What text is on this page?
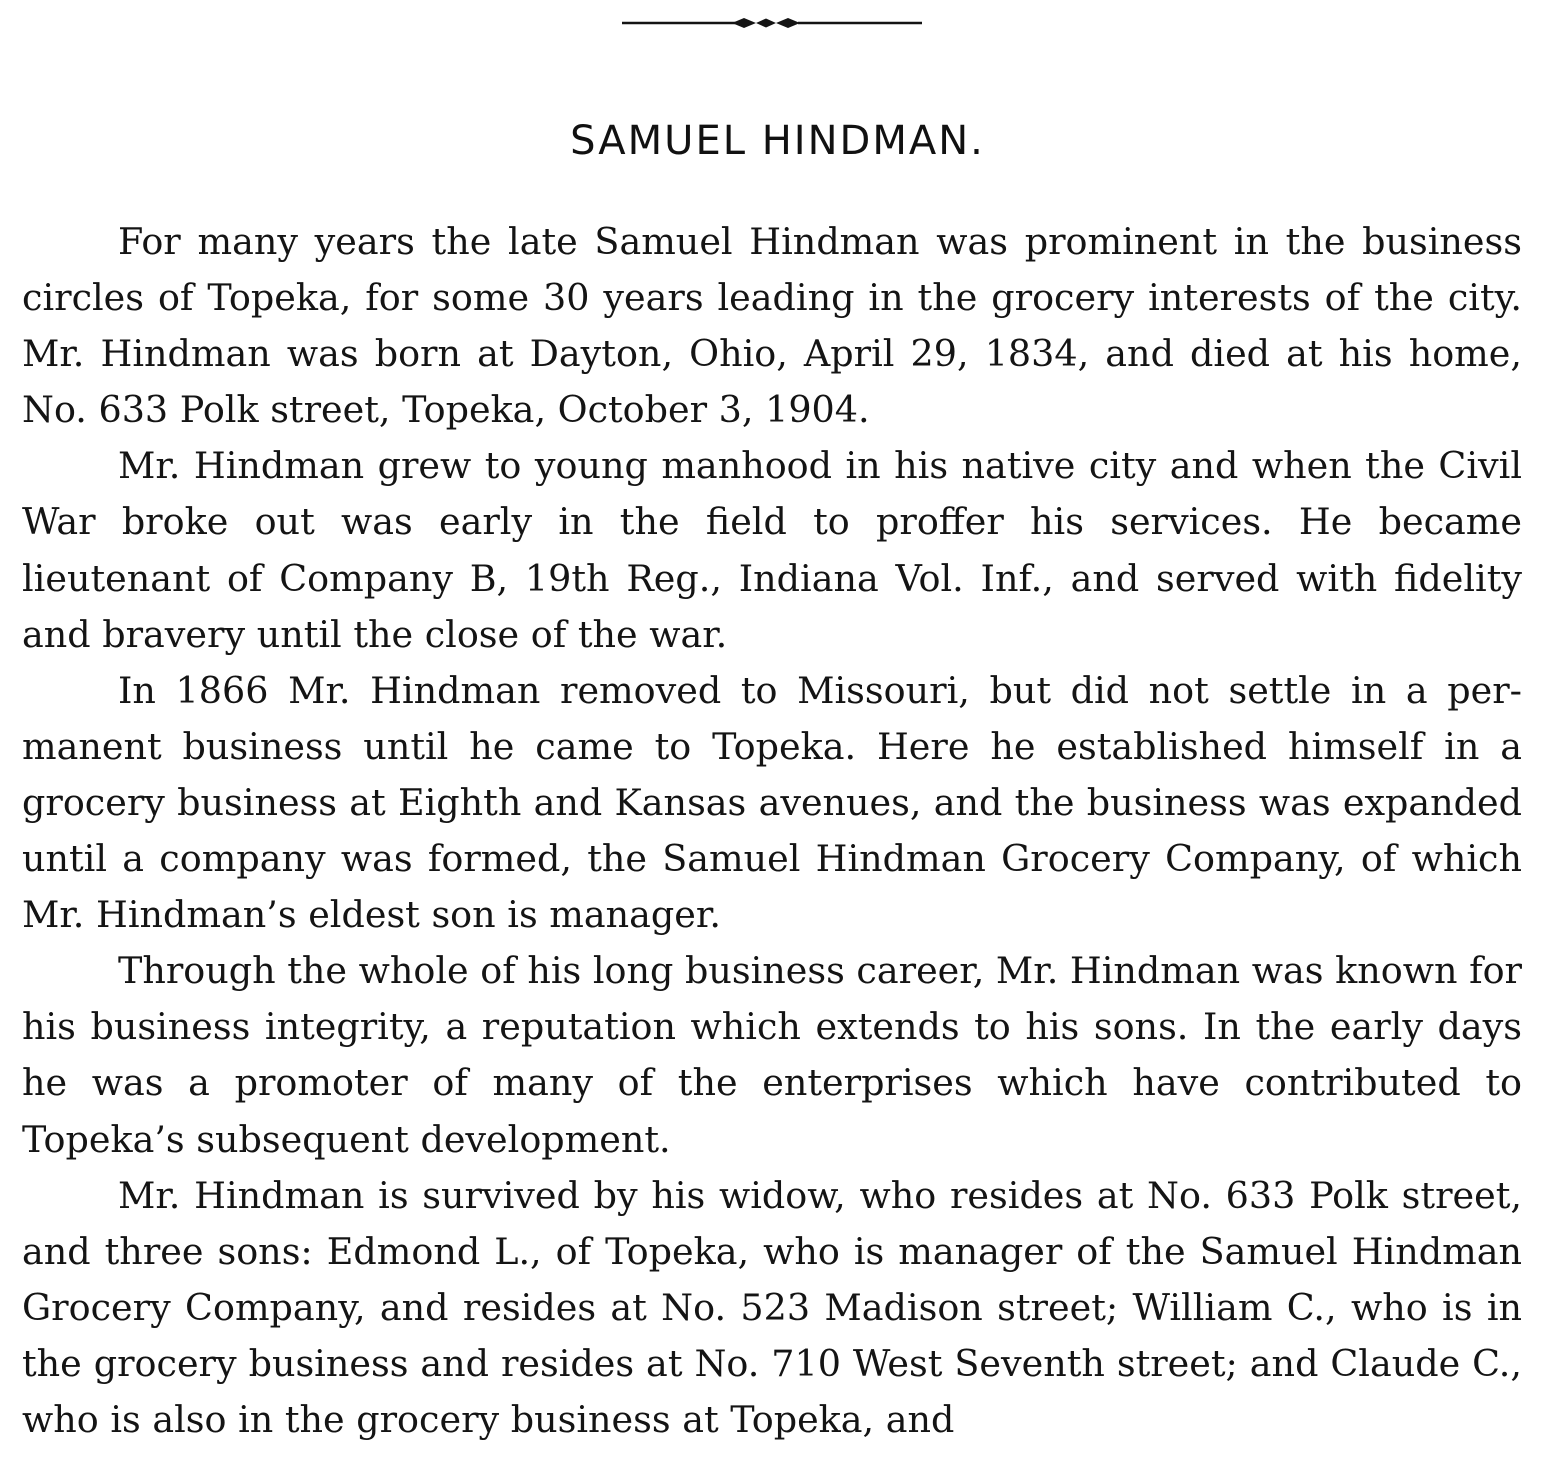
SAMUEL HINDMAN.

For many years the late Samuel Hindman was prominent in the business circles of Topeka, for some 30 years leading in the grocery interests of the city. Mr. Hindman was born at Dayton, Ohio, April 29, 1834, and died at his home, No. 633 Polk street, Topeka, October 3, 1904.

Mr. Hindman grew to young manhood in his native city and when the Civil War broke out was early in the field to proffer his services. He became lieutenant of Company B, 19th Reg., Indiana Vol. Inf., and served with fidelity and bravery until the close of the war.

In 1866 Mr. Hindman removed to Missouri, but did not settle in a permanent business until he came to Topeka. Here he established himself in a grocery business at Eighth and Kansas avenues, and the business was expanded until a company was formed, the Samuel Hindman Grocery Company, of which Mr. Hindman’s eldest son is manager.

Through the whole of his long business career, Mr. Hindman was known for his business integrity, a reputation which extends to his sons. In the early days he was a promoter of many of the enterprises which have contributed to Topeka’s subsequent development.

Mr. Hindman is survived by his widow, who resides at No. 633 Polk street, and three sons: Edmond L., of Topeka, who is manager of the Samuel Hindman Grocery Company, and resides at No. 523 Madison street; William C., who is in the grocery business and resides at No. 710 West Seventh street; and Claude C., who is also in the grocery business at Topeka, and
